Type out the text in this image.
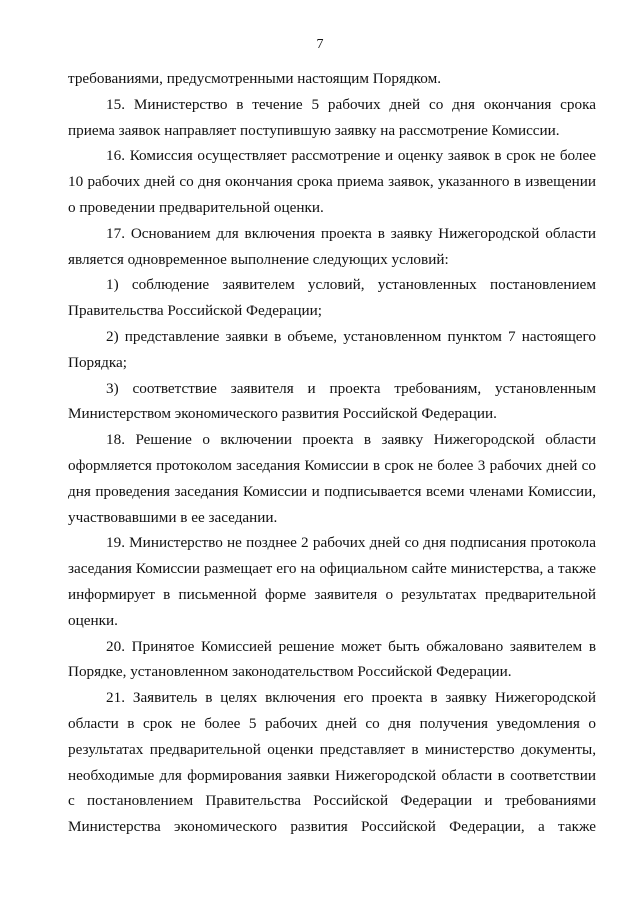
7
требованиями, предусмотренными настоящим Порядком.
15. Министерство в течение 5 рабочих дней со дня окончания срока
приема заявок направляет поступившую заявку на рассмотрение Комиссии.
16. Комиссия осуществляет рассмотрение и оценку заявок в срок не более
10 рабочих дней со дня окончания срока приема заявок, указанного в извещении
о проведении предварительной оценки.
17. Основанием для включения проекта в заявку Нижегородской области
является одновременное выполнение следующих условий:
1) соблюдение заявителем условий, установленных постановлением
Правительства Российской Федерации;
2) представление заявки в объеме, установленном пунктом 7 настоящего
Порядка;
3) соответствие заявителя и проекта требованиям, установленным
Министерством экономического развития Российской Федерации.
18. Решение о включении проекта в заявку Нижегородской области
оформляется протоколом заседания Комиссии в срок не более 3 рабочих дней со
дня проведения заседания Комиссии и подписывается всеми членами Комиссии,
участвовавшими в ее заседании.
19. Министерство не позднее 2 рабочих дней со дня подписания протокола
заседания Комиссии размещает его на официальном сайте министерства, а также
информирует в письменной форме заявителя о результатах предварительной
оценки.
20. Принятое Комиссией решение может быть обжаловано заявителем в
Порядке, установленном законодательством Российской Федерации.
21. Заявитель в целях включения его проекта в заявку Нижегородской
области в срок не более 5 рабочих дней со дня получения уведомления о
результатах предварительной оценки представляет в министерство документы,
необходимые для формирования заявки Нижегородской области в соответствии
с постановлением Правительства Российской Федерации и требованиями
Министерства экономического развития Российской Федерации, а также
